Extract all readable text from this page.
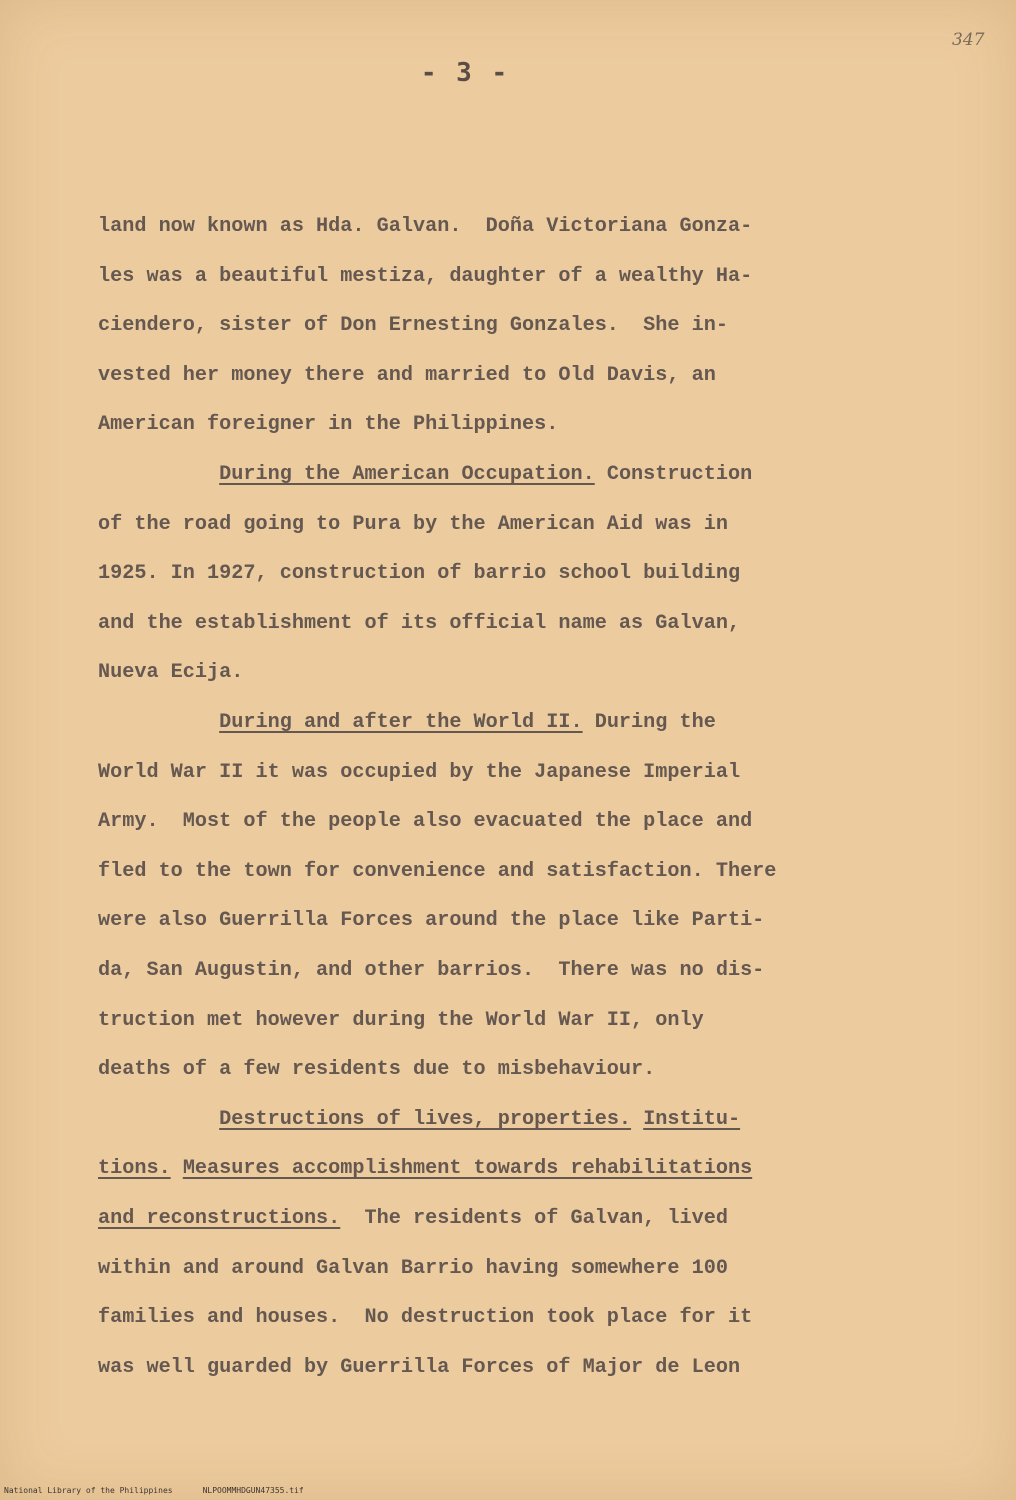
347
- 3 -
land now known as Hda. Galvan.  Doña Victoriana Gonza-
les was a beautiful mestiza, daughter of a wealthy Ha-
ciendero, sister of Don Ernesting Gonzales.  She in-
vested her money there and married to Old Davis, an
American foreigner in the Philippines.
During the American Occupation. Construction
of the road going to Pura by the American Aid was in
1925. In 1927, construction of barrio school building
and the establishment of its official name as Galvan,
Nueva Ecija.
During and after the World II. During the
World War II it was occupied by the Japanese Imperial
Army.  Most of the people also evacuated the place and
fled to the town for convenience and satisfaction. There
were also Guerrilla Forces around the place like Parti-
da, San Augustin, and other barrios.  There was no dis-
truction met however during the World War II, only
deaths of a few residents due to misbehaviour.
Destructions of lives, properties. Institu-
tions. Measures accomplishment towards rehabilitations
and reconstructions.  The residents of Galvan, lived
within and around Galvan Barrio having somewhere 100
families and houses.  No destruction took place for it
was well guarded by Guerrilla Forces of Major de Leon
National Library of the Philippines	NLPOOMMHDGUN47355.tif
